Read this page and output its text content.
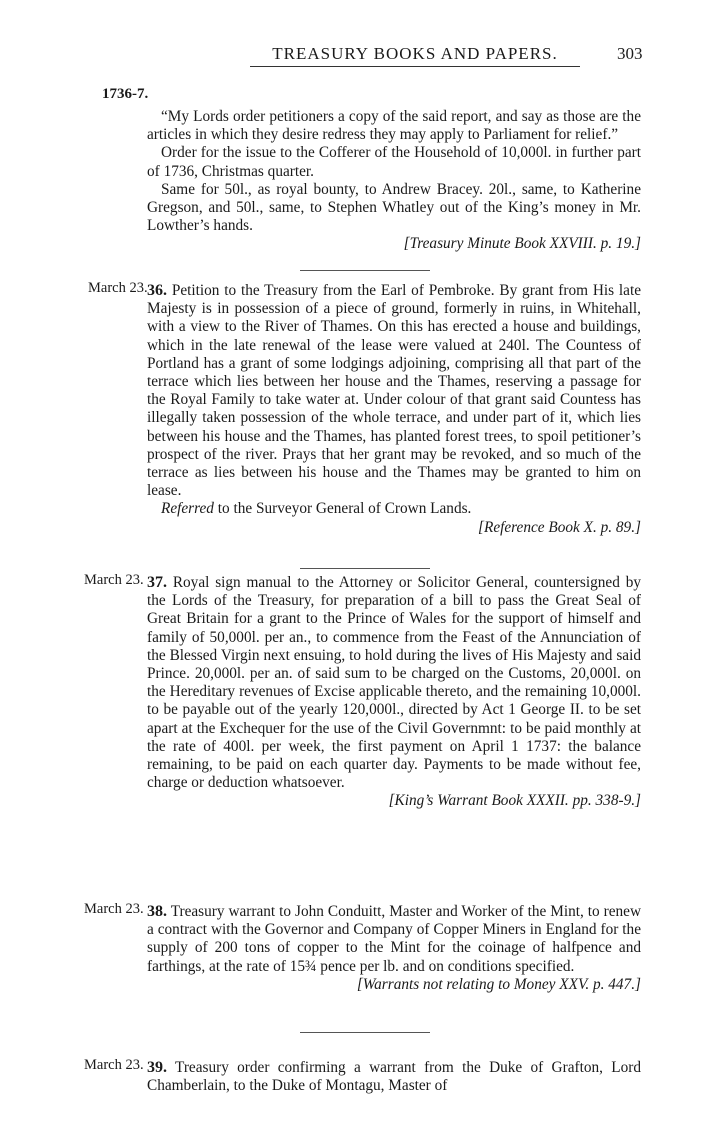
TREASURY BOOKS AND PAPERS.	303
1736-7.

“My Lords order petitioners a copy of the said report, and say as those are the articles in which they desire redress they may apply to Parliament for relief.”

Order for the issue to the Cofferer of the Household of 10,000l. in further part of 1736, Christmas quarter.

Same for 50l., as royal bounty, to Andrew Bracey. 20l., same, to Katherine Gregson, and 50l., same, to Stephen Whatley out of the King’s money in Mr. Lowther’s hands.

[Treasury Minute Book XXVIII. p. 19.]

March 23. 36. Petition to the Treasury from the Earl of Pembroke. By grant from His late Majesty is in possession of a piece of ground, formerly in ruins, in Whitehall, with a view to the River of Thames. On this has erected a house and buildings, which in the late renewal of the lease were valued at 240l. The Countess of Portland has a grant of some lodgings adjoining, comprising all that part of the terrace which lies between her house and the Thames, reserving a passage for the Royal Family to take water at. Under colour of that grant said Countess has illegally taken possession of the whole terrace, and under part of it, which lies between his house and the Thames, has planted forest trees, to spoil petitioner’s prospect of the river. Prays that her grant may be revoked, and so much of the terrace as lies between his house and the Thames may be granted to him on lease.

Referred to the Surveyor General of Crown Lands.

[Reference Book X. p. 89.]

March 23. 37. Royal sign manual to the Attorney or Solicitor General, countersigned by the Lords of the Treasury, for preparation of a bill to pass the Great Seal of Great Britain for a grant to the Prince of Wales for the support of himself and family of 50,000l. per an., to commence from the Feast of the Annunciation of the Blessed Virgin next ensuing, to hold during the lives of His Majesty and said Prince. 20,000l. per an. of said sum to be charged on the Customs, 20,000l. on the Hereditary revenues of Excise applicable thereto, and the remaining 10,000l. to be payable out of the yearly 120,000l., directed by Act 1 George II. to be set apart at the Exchequer for the use of the Civil Governmnt: to be paid monthly at the rate of 400l. per week, the first payment on April 1 1737: the balance remaining, to be paid on each quarter day. Payments to be made without fee, charge or deduction whatsoever.

[King’s Warrant Book XXXII. pp. 338-9.]

March 23. 38. Treasury warrant to John Conduitt, Master and Worker of the Mint, to renew a contract with the Governor and Company of Copper Miners in England for the supply of 200 tons of copper to the Mint for the coinage of halfpence and farthings, at the rate of 15¾ pence per lb. and on conditions specified.

[Warrants not relating to Money XXV. p. 447.]

March 23. 39. Treasury order confirming a warrant from the Duke of Grafton, Lord Chamberlain, to the Duke of Montagu, Master of
